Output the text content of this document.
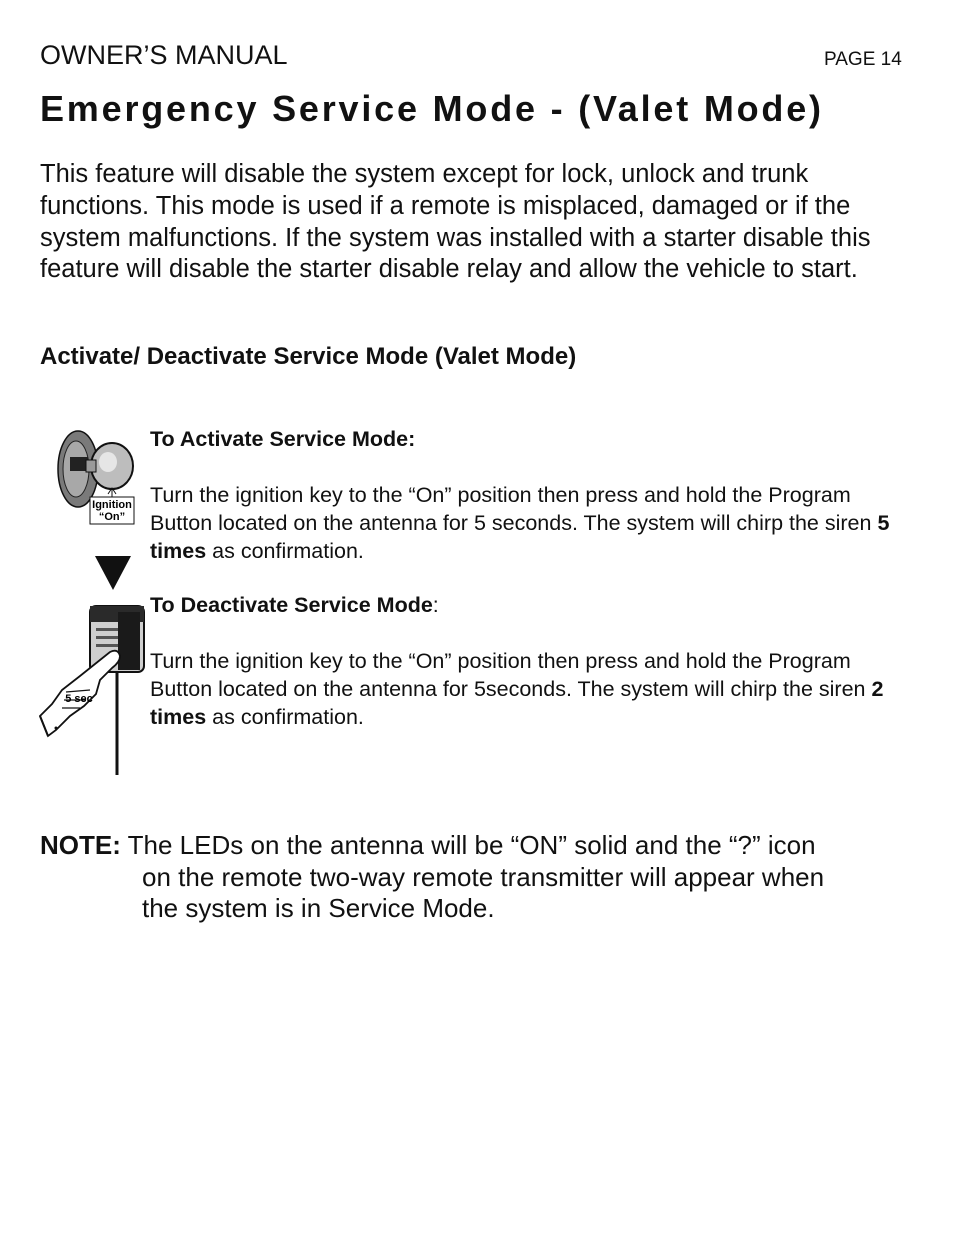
OWNER’S MANUAL	PAGE 14
Emergency Service Mode - (Valet Mode)
This feature will disable the system except for lock, unlock and trunk functions. This mode is used if a remote is misplaced, damaged or if the system malfunctions. If the system was installed with a starter disable this feature will disable the starter disable relay and allow the vehicle to start.
Activate/ Deactivate Service Mode (Valet Mode)
Ignition
“On”
5 sec
To Activate Service Mode:
Turn the ignition key to the “On” position then press and hold the Program Button located on the antenna for 5 seconds. The system will chirp the siren 5  times as confirmation.
To Deactivate Service Mode:
Turn the ignition key to the “On” position then press and hold the Program Button located on the antenna for 5seconds. The system will chirp the siren 2  times as confirmation.
NOTE: The LEDs on the antenna will be “ON” solid and the “?” icon
on the remote two-way remote transmitter will appear when
the system is in Service Mode.
